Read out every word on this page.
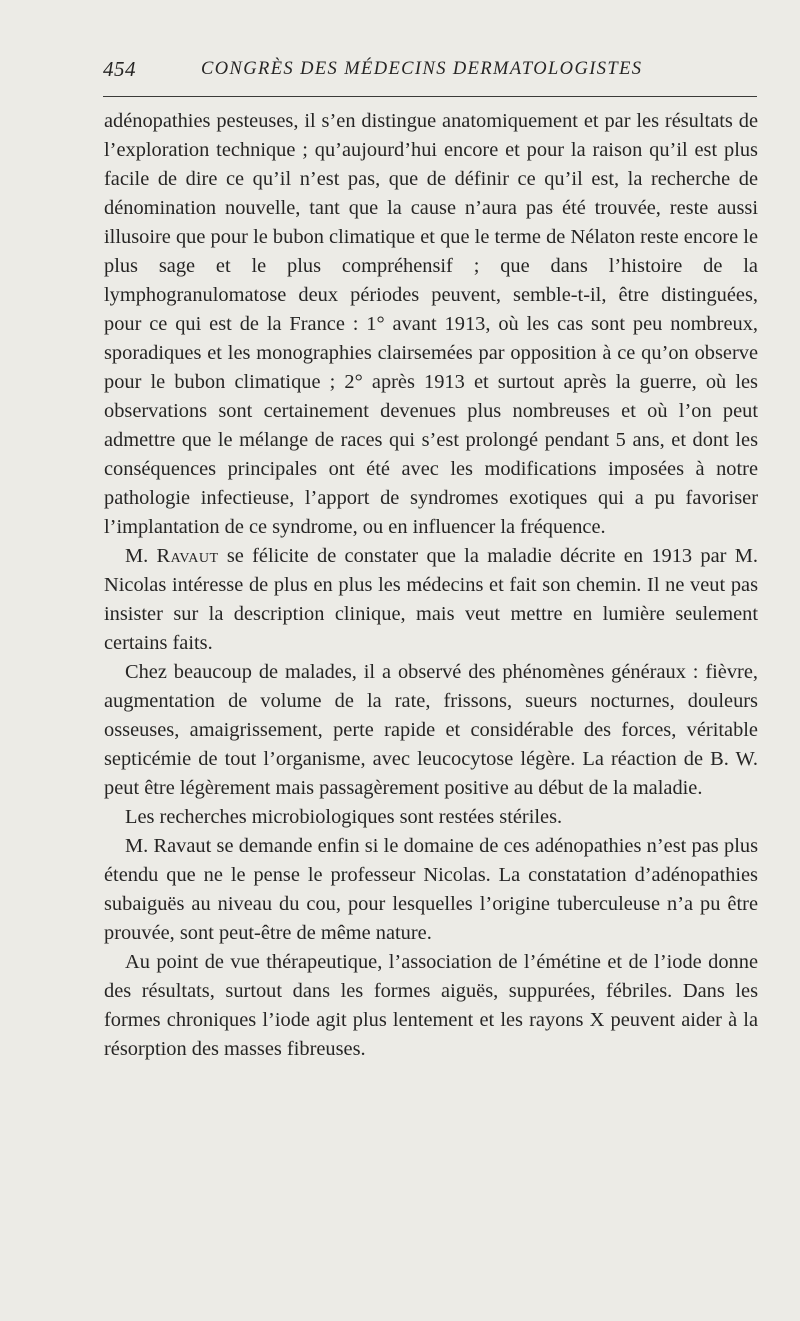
454	CONGRÈS DES MÉDECINS DERMATOLOGISTES

adénopathies pesteuses, il s’en distingue anatomiquement et par les résultats de l’exploration technique ; qu’aujourd’hui encore et pour la raison qu’il est plus facile de dire ce qu’il n’est pas, que de définir ce qu’il est, la recherche de dénomination nouvelle, tant que la cause n’aura pas été trouvée, reste aussi illusoire que pour le bubon climatique et que le terme de Nélaton reste encore le plus sage et le plus compréhensif ; que dans l’histoire de la lymphogranulomatose deux périodes peuvent, semble-t-il, être distinguées, pour ce qui est de la France : 1° avant 1913, où les cas sont peu nombreux, sporadiques et les monographies clairsemées par opposition à ce qu’on observe pour le bubon climatique ; 2° après 1913 et surtout après la guerre, où les observations sont certainement devenues plus nombreuses et où l’on peut admettre que le mélange de races qui s’est prolongé pendant 5 ans, et dont les conséquences principales ont été avec les modifications imposées à notre pathologie infectieuse, l’apport de syndromes exotiques qui a pu favoriser l’implantation de ce syndrome, ou en influencer la fréquence.

M. Ravaut se félicite de constater que la maladie décrite en 1913 par M. Nicolas intéresse de plus en plus les médecins et fait son chemin. Il ne veut pas insister sur la description clinique, mais veut mettre en lumière seulement certains faits.

Chez beaucoup de malades, il a observé des phénomènes généraux : fièvre, augmentation de volume de la rate, frissons, sueurs nocturnes, douleurs osseuses, amaigrissement, perte rapide et considérable des forces, véritable septicémie de tout l’organisme, avec leucocytose légère. La réaction de B. W. peut être légèrement mais passagèrement positive au début de la maladie.

Les recherches microbiologiques sont restées stériles.

M. Ravaut se demande enfin si le domaine de ces adénopathies n’est pas plus étendu que ne le pense le professeur Nicolas. La constatation d’adénopathies subaiguës au niveau du cou, pour lesquelles l’origine tuberculeuse n’a pu être prouvée, sont peut-être de même nature.

Au point de vue thérapeutique, l’association de l’émétine et de l’iode donne des résultats, surtout dans les formes aiguës, suppurées, fébriles. Dans les formes chroniques l’iode agit plus lentement et les rayons X peuvent aider à la résorption des masses fibreuses.
